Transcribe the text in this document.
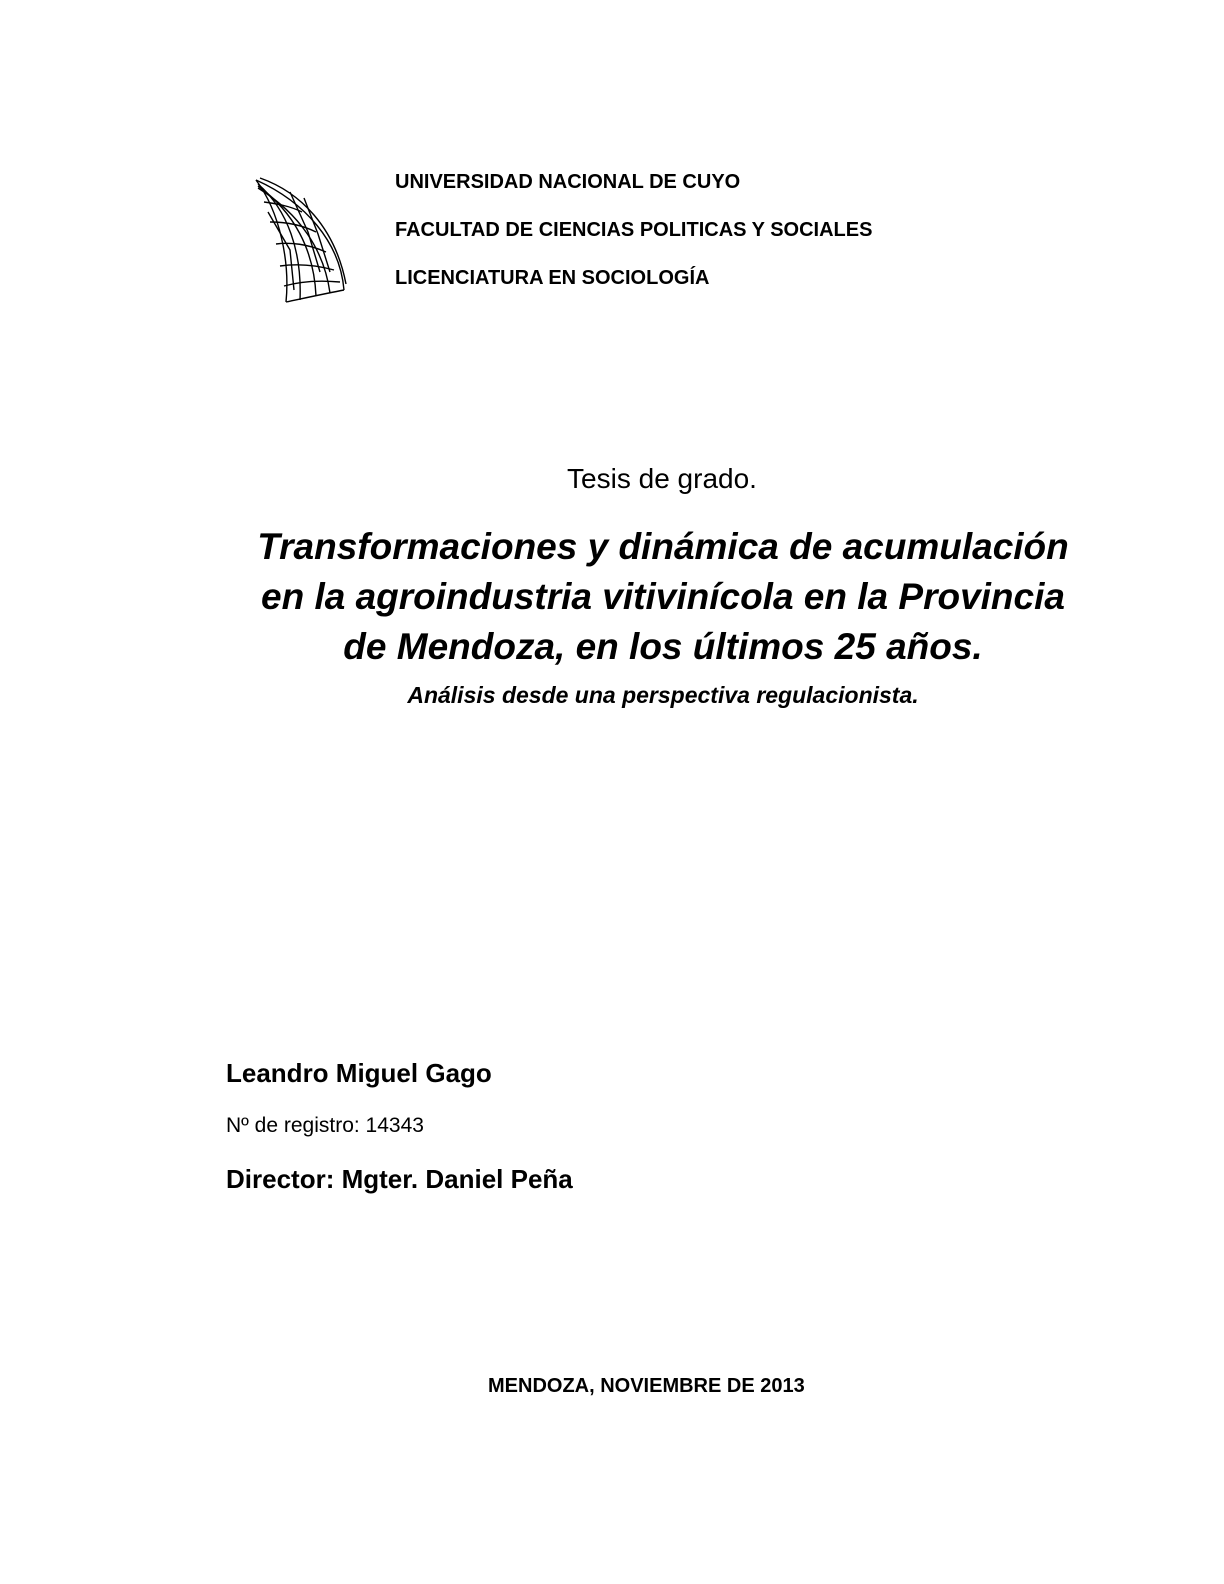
UNIVERSIDAD NACIONAL DE CUYO
FACULTAD DE CIENCIAS POLITICAS Y SOCIALES
LICENCIATURA EN SOCIOLOGÍA
Tesis de grado.
Transformaciones y dinámica de acumulación
en la agroindustria vitivinícola en la Provincia
de Mendoza, en los últimos 25 años.
Análisis desde una perspectiva regulacionista.
Leandro Miguel Gago
Nº de registro: 14343
Director: Mgter. Daniel Peña
MENDOZA, NOVIEMBRE DE 2013
